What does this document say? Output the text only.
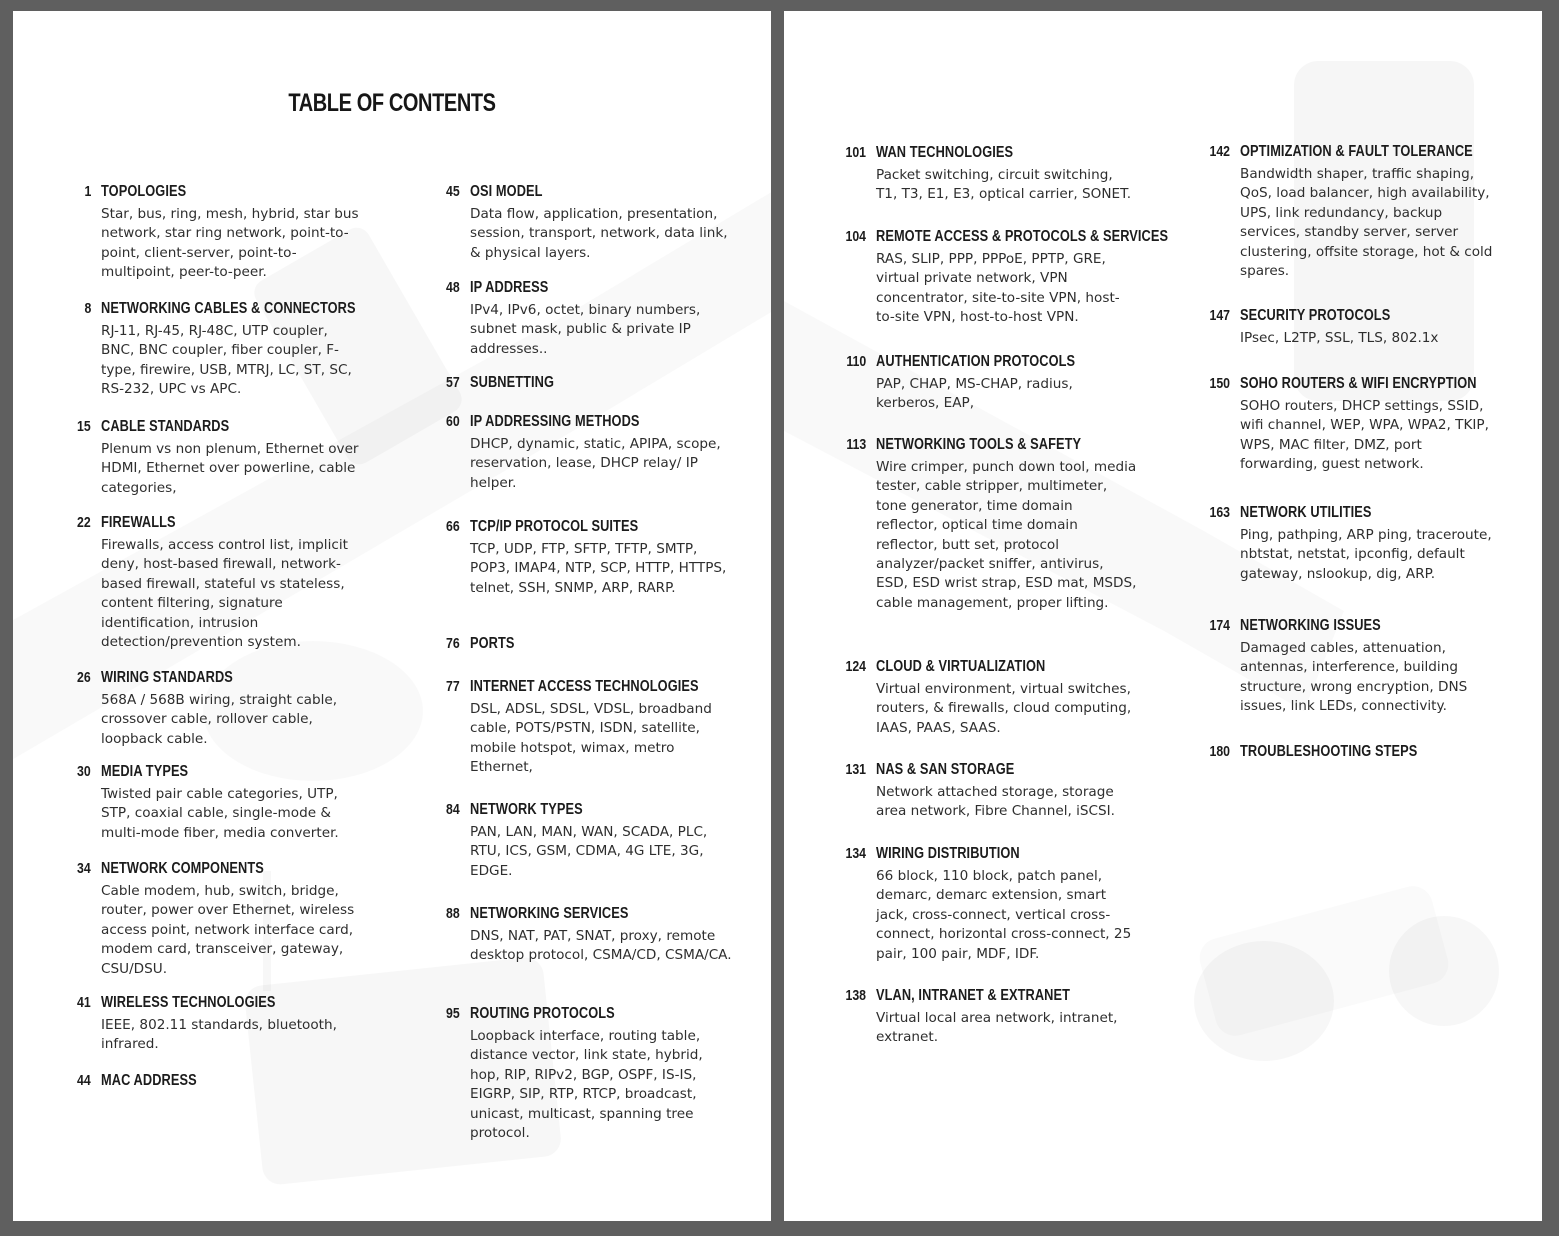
TABLE OF CONTENTS
1 TOPOLOGIES
Star, bus, ring, mesh, hybrid, star bus network, star ring network, point-to-point, client-server, point-to-multipoint, peer-to-peer.
8 NETWORKING CABLES & CONNECTORS
RJ-11, RJ-45, RJ-48C, UTP coupler, BNC, BNC coupler, fiber coupler, F-type, firewire, USB, MTRJ, LC, ST, SC, RS-232, UPC vs APC.
15 CABLE STANDARDS
Plenum vs non plenum, Ethernet over HDMI, Ethernet over powerline, cable categories,
22 FIREWALLS
Firewalls, access control list, implicit deny, host-based firewall, network-based firewall, stateful vs stateless, content filtering, signature identification, intrusion detection/prevention system.
26 WIRING STANDARDS
568A / 568B wiring, straight cable, crossover cable, rollover cable, loopback cable.
30 MEDIA TYPES
Twisted pair cable categories, UTP, STP, coaxial cable, single-mode & multi-mode fiber, media converter.
34 NETWORK COMPONENTS
Cable modem, hub, switch, bridge, router, power over Ethernet, wireless access point, network interface card, modem card, transceiver, gateway, CSU/DSU.
41 WIRELESS TECHNOLOGIES
IEEE, 802.11 standards, bluetooth, infrared.
44 MAC ADDRESS
45 OSI MODEL
Data flow, application, presentation, session, transport, network, data link, & physical layers.
48 IP ADDRESS
IPv4, IPv6, octet, binary numbers, subnet mask, public & private IP addresses..
57 SUBNETTING
60 IP ADDRESSING METHODS
DHCP, dynamic, static, APIPA, scope, reservation, lease, DHCP relay/ IP helper.
66 TCP/IP PROTOCOL SUITES
TCP, UDP, FTP, SFTP, TFTP, SMTP, POP3, IMAP4, NTP, SCP, HTTP, HTTPS, telnet, SSH, SNMP, ARP, RARP.
76 PORTS
77 INTERNET ACCESS TECHNOLOGIES
DSL, ADSL, SDSL, VDSL, broadband cable, POTS/PSTN, ISDN, satellite, mobile hotspot, wimax, metro Ethernet,
84 NETWORK TYPES
PAN, LAN, MAN, WAN, SCADA, PLC, RTU, ICS, GSM, CDMA, 4G LTE, 3G, EDGE.
88 NETWORKING SERVICES
DNS, NAT, PAT, SNAT, proxy, remote desktop protocol, CSMA/CD, CSMA/CA.
95 ROUTING PROTOCOLS
Loopback interface, routing table, distance vector, link state, hybrid, hop, RIP, RIPv2, BGP, OSPF, IS-IS, EIGRP, SIP, RTP, RTCP, broadcast, unicast, multicast, spanning tree protocol.
101 WAN TECHNOLOGIES
Packet switching, circuit switching, T1, T3, E1, E3, optical carrier, SONET.
104 REMOTE ACCESS & PROTOCOLS & SERVICES
RAS, SLIP, PPP, PPPoE, PPTP, GRE, virtual private network, VPN concentrator, site-to-site VPN, host-to-site VPN, host-to-host VPN.
110 AUTHENTICATION PROTOCOLS
PAP, CHAP, MS-CHAP, radius, kerberos, EAP,
113 NETWORKING TOOLS & SAFETY
Wire crimper, punch down tool, media tester, cable stripper, multimeter, tone generator, time domain reflector, optical time domain reflector, butt set, protocol analyzer/packet sniffer, antivirus, ESD, ESD wrist strap, ESD mat, MSDS, cable management, proper lifting.
124 CLOUD & VIRTUALIZATION
Virtual environment, virtual switches, routers, & firewalls, cloud computing, IAAS, PAAS, SAAS.
131 NAS & SAN STORAGE
Network attached storage, storage area network, Fibre Channel, iSCSI.
134 WIRING DISTRIBUTION
66 block, 110 block, patch panel, demarc, demarc extension, smart jack, cross-connect, vertical cross-connect, horizontal cross-connect, 25 pair, 100 pair, MDF, IDF.
138 VLAN, INTRANET & EXTRANET
Virtual local area network, intranet, extranet.
142 OPTIMIZATION & FAULT TOLERANCE
Bandwidth shaper, traffic shaping, QoS, load balancer, high availability, UPS, link redundancy, backup services, standby server, server clustering, offsite storage, hot & cold spares.
147 SECURITY PROTOCOLS
IPsec, L2TP, SSL, TLS, 802.1x
150 SOHO ROUTERS & WIFI ENCRYPTION
SOHO routers, DHCP settings, SSID, wifi channel, WEP, WPA, WPA2, TKIP, WPS, MAC filter, DMZ, port forwarding, guest network.
163 NETWORK UTILITIES
Ping, pathping, ARP ping, traceroute, nbtstat, netstat, ipconfig, default gateway, nslookup, dig, ARP.
174 NETWORKING ISSUES
Damaged cables, attenuation, antennas, interference, building structure, wrong encryption, DNS issues, link LEDs, connectivity.
180 TROUBLESHOOTING STEPS
